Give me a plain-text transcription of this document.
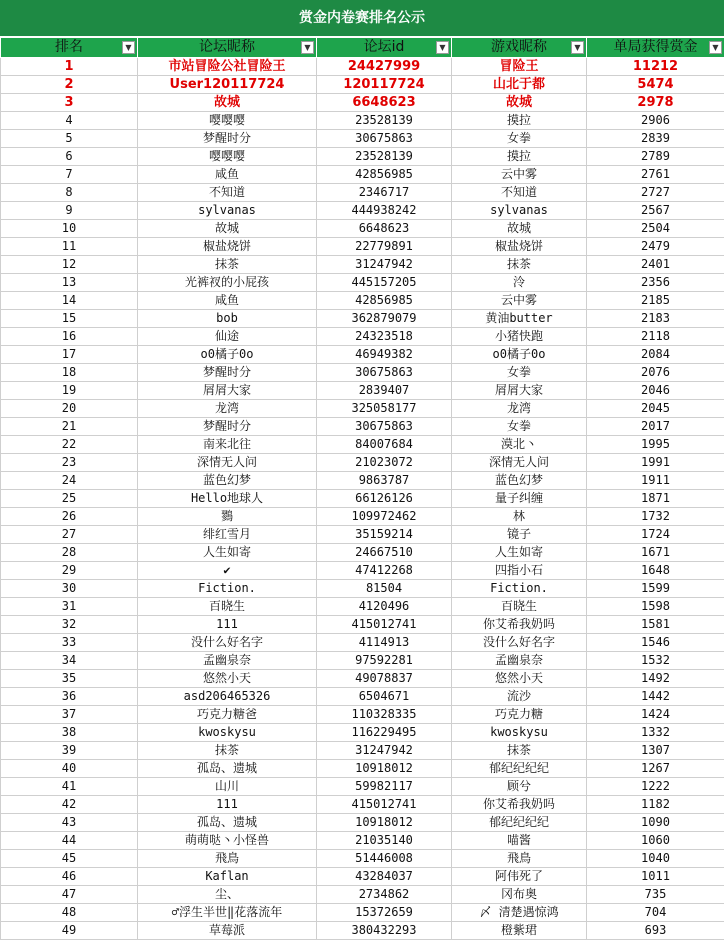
赏金内卷赛排名公示
排名 ▼	论坛昵称 ▼	论坛id ▼	游戏昵称 ▼	单局获得赏金 ▼

1	市站冒险公社冒险王	24427999	冒险王	11212
2	User120117724	120117724	山北于都	5474
3	故城	6648623	故城	2978
4	嘤嘤嘤	23528139	摸拉	2906
5	梦醒时分	30675863	女拳	2839
6	嘤嘤嘤	23528139	摸拉	2789
7	咸鱼	42856985	云中雾	2761
8	不知道	2346717	不知道	2727
9	sylvanas	444938242	sylvanas	2567
10	故城	6648623	故城	2504
11	椒盐烧饼	22779891	椒盐烧饼	2479
12	抹茶	31247942	抹茶	2401
13	光裤衩的小屁孩	445157205	泠	2356
14	咸鱼	42856985	云中雾	2185
15	bob	362879079	黄油butter	2183
16	仙途	24323518	小猪快跑	2118
17	o0橘子0o	46949382	o0橘子0o	2084
18	梦醒时分	30675863	女拳	2076
19	屑屑大家	2839407	屑屑大家	2046
20	龙湾	325058177	龙湾	2045
21	梦醒时分	30675863	女拳	2017
22	南来北往	84007684	漠北丶	1995
23	深情无人问	21023072	深情无人问	1991
24	蓝色幻梦	9863787	蓝色幻梦	1911
25	Hello地球人	66126126	量子纠缠	1871
26	鷚	109972462	林	1732
27	绯红雪月	35159214	镜子	1724
28	人生如寄	24667510	人生如寄	1671
29	✔	47412268	四指小石	1648
30	Fiction.	81504	Fiction.	1599
31	百晓生	4120496	百晓生	1598
32	111	415012741	你艾希我奶吗	1581
33	没什么好名字	4114913	没什么好名字	1546
34	孟幽泉奈	97592281	孟幽泉奈	1532
35	悠然小天	49078837	悠然小天	1492
36	asd206465326	6504671	流沙	1442
37	巧克力糖爸	110328335	巧克力糖	1424
38	kwoskysu	116229495	kwoskysu	1332
39	抹茶	31247942	抹茶	1307
40	孤岛、遗城	10918012	郁纪纪纪纪	1267
41	山川	59982117	顾兮	1222
42	111	415012741	你艾希我奶吗	1182
43	孤岛、遗城	10918012	郁纪纪纪纪	1090
44	萌萌哒丶小怪兽	21035140	喵酱	1060
45	飛鳥	51446008	飛鳥	1040
46	Kaflan	43284037	阿伟死了	1011
47	尘、	2734862	冈布奥	735
48	♂浮生半世‖花落流年	15372659	〆 清楚遇惊鸿	704
49	草莓派	380432293	橙紫珺	693
